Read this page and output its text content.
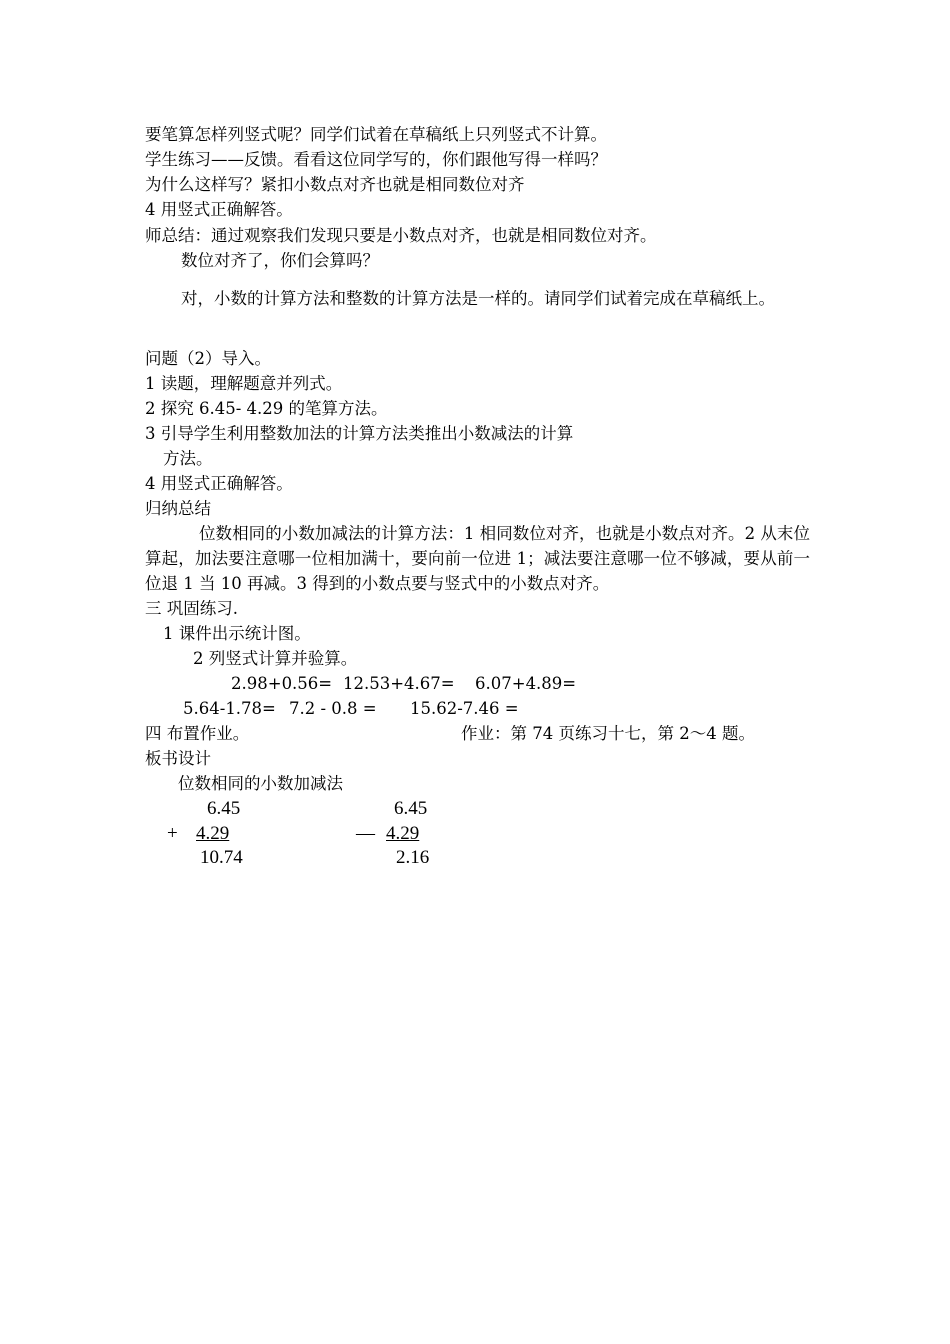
要笔算怎样列竖式呢？同学们试着在草稿纸上只列竖式不计算。
学生练习——反馈。看看这位同学写的，你们跟他写得一样吗？
为什么这样写？紧扣小数点对齐也就是相同数位对齐
4 用竖式正确解答。
师总结：通过观察我们发现只要是小数点对齐，也就是相同数位对齐。
数位对齐了，你们会算吗？

对，小数的计算方法和整数的计算方法是一样的。请同学们试着完成在草稿纸上。

问题（2）导入。
1 读题，理解题意并列式。
2 探究 6.45- 4.29 的笔算方法。
3 引导学生利用整数加法的计算方法类推出小数减法的计算
方法。
4 用竖式正确解答。
归纳总结

位数相同的小数加减法的计算方法：1 相同数位对齐，也就是小数点对齐。2 从末位算起，加法要注意哪一位相加满十，要向前一位进 1；减法要注意哪一位不够减，要从前一位退 1 当 10 再减。3 得到的小数点要与竖式中的小数点对齐。

三 巩固练习.
1 课件出示统计图。
2 列竖式计算并验算。
2.98+0.56= 12.53+4.67= 6.07+4.89=
5.64-1.78= 7.2 - 0.8 = 15.62-7.46 =
四 布置作业。	作业：第 74 页练习十七，第 2～4 题。
板书设计
位数相同的小数加减法
6.45
+ 4.29
10.74
6.45
— 4.29
2.16
